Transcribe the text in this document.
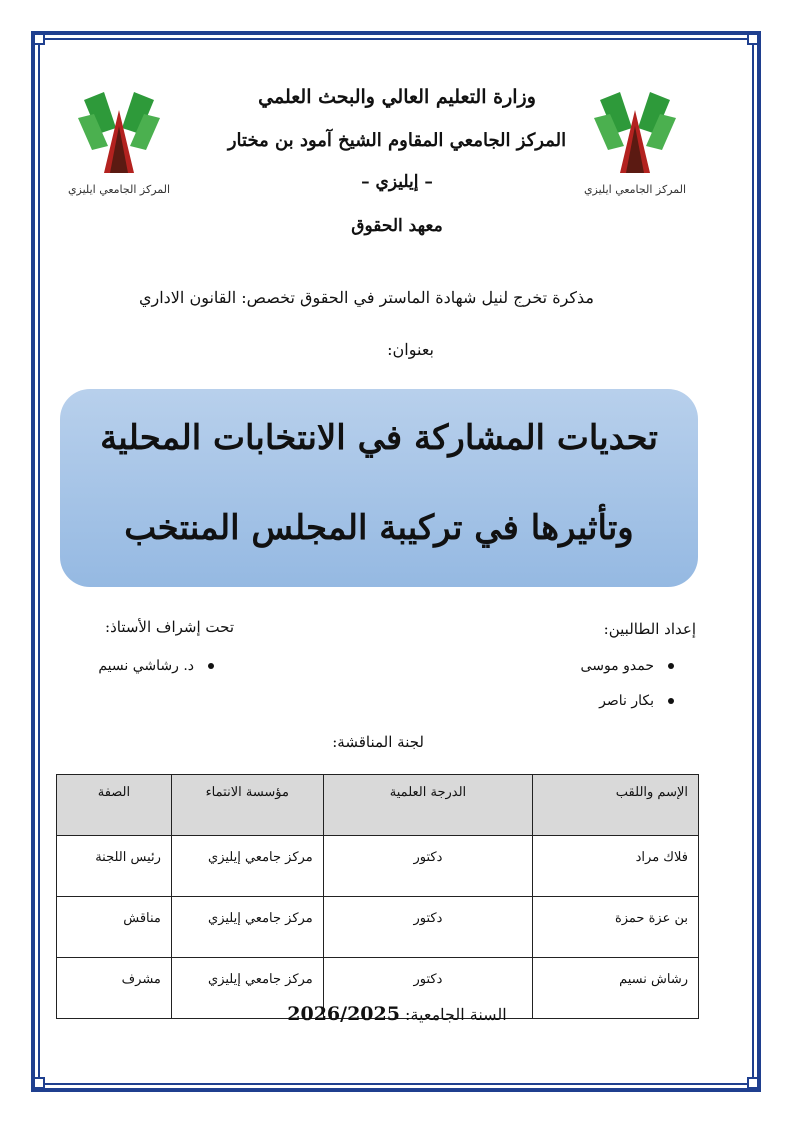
المركز الجامعي ايليزي	المركز الجامعي ايليزي
وزارة التعليم العالي والبحث العلمي
المركز الجامعي المقاوم الشيخ آمود بن مختار
– إيليزي –
معهد الحقوق
مذكرة تخرج لنيل شهادة الماستر في الحقوق تخصص: القانون الاداري
بعنوان:
تحديات المشاركة في الانتخابات المحلية
وتأثيرها في تركيبة المجلس المنتخب
إعداد الطالبين:
حمدو موسى
بكار ناصر
تحت إشراف الأستاذ:
د. رشاشي نسيم
لجنة المناقشة:
الإسم واللقب	الدرجة العلمية	مؤسسة الانتماء	الصفة
فلاك مراد	دكتور	مركز جامعي إيليزي	رئيس اللجنة
بن عزة حمزة	دكتور	مركز جامعي إيليزي	مناقش
رشاش نسيم	دكتور	مركز جامعي إيليزي	مشرف
السنة الجامعية: 2026/2025
